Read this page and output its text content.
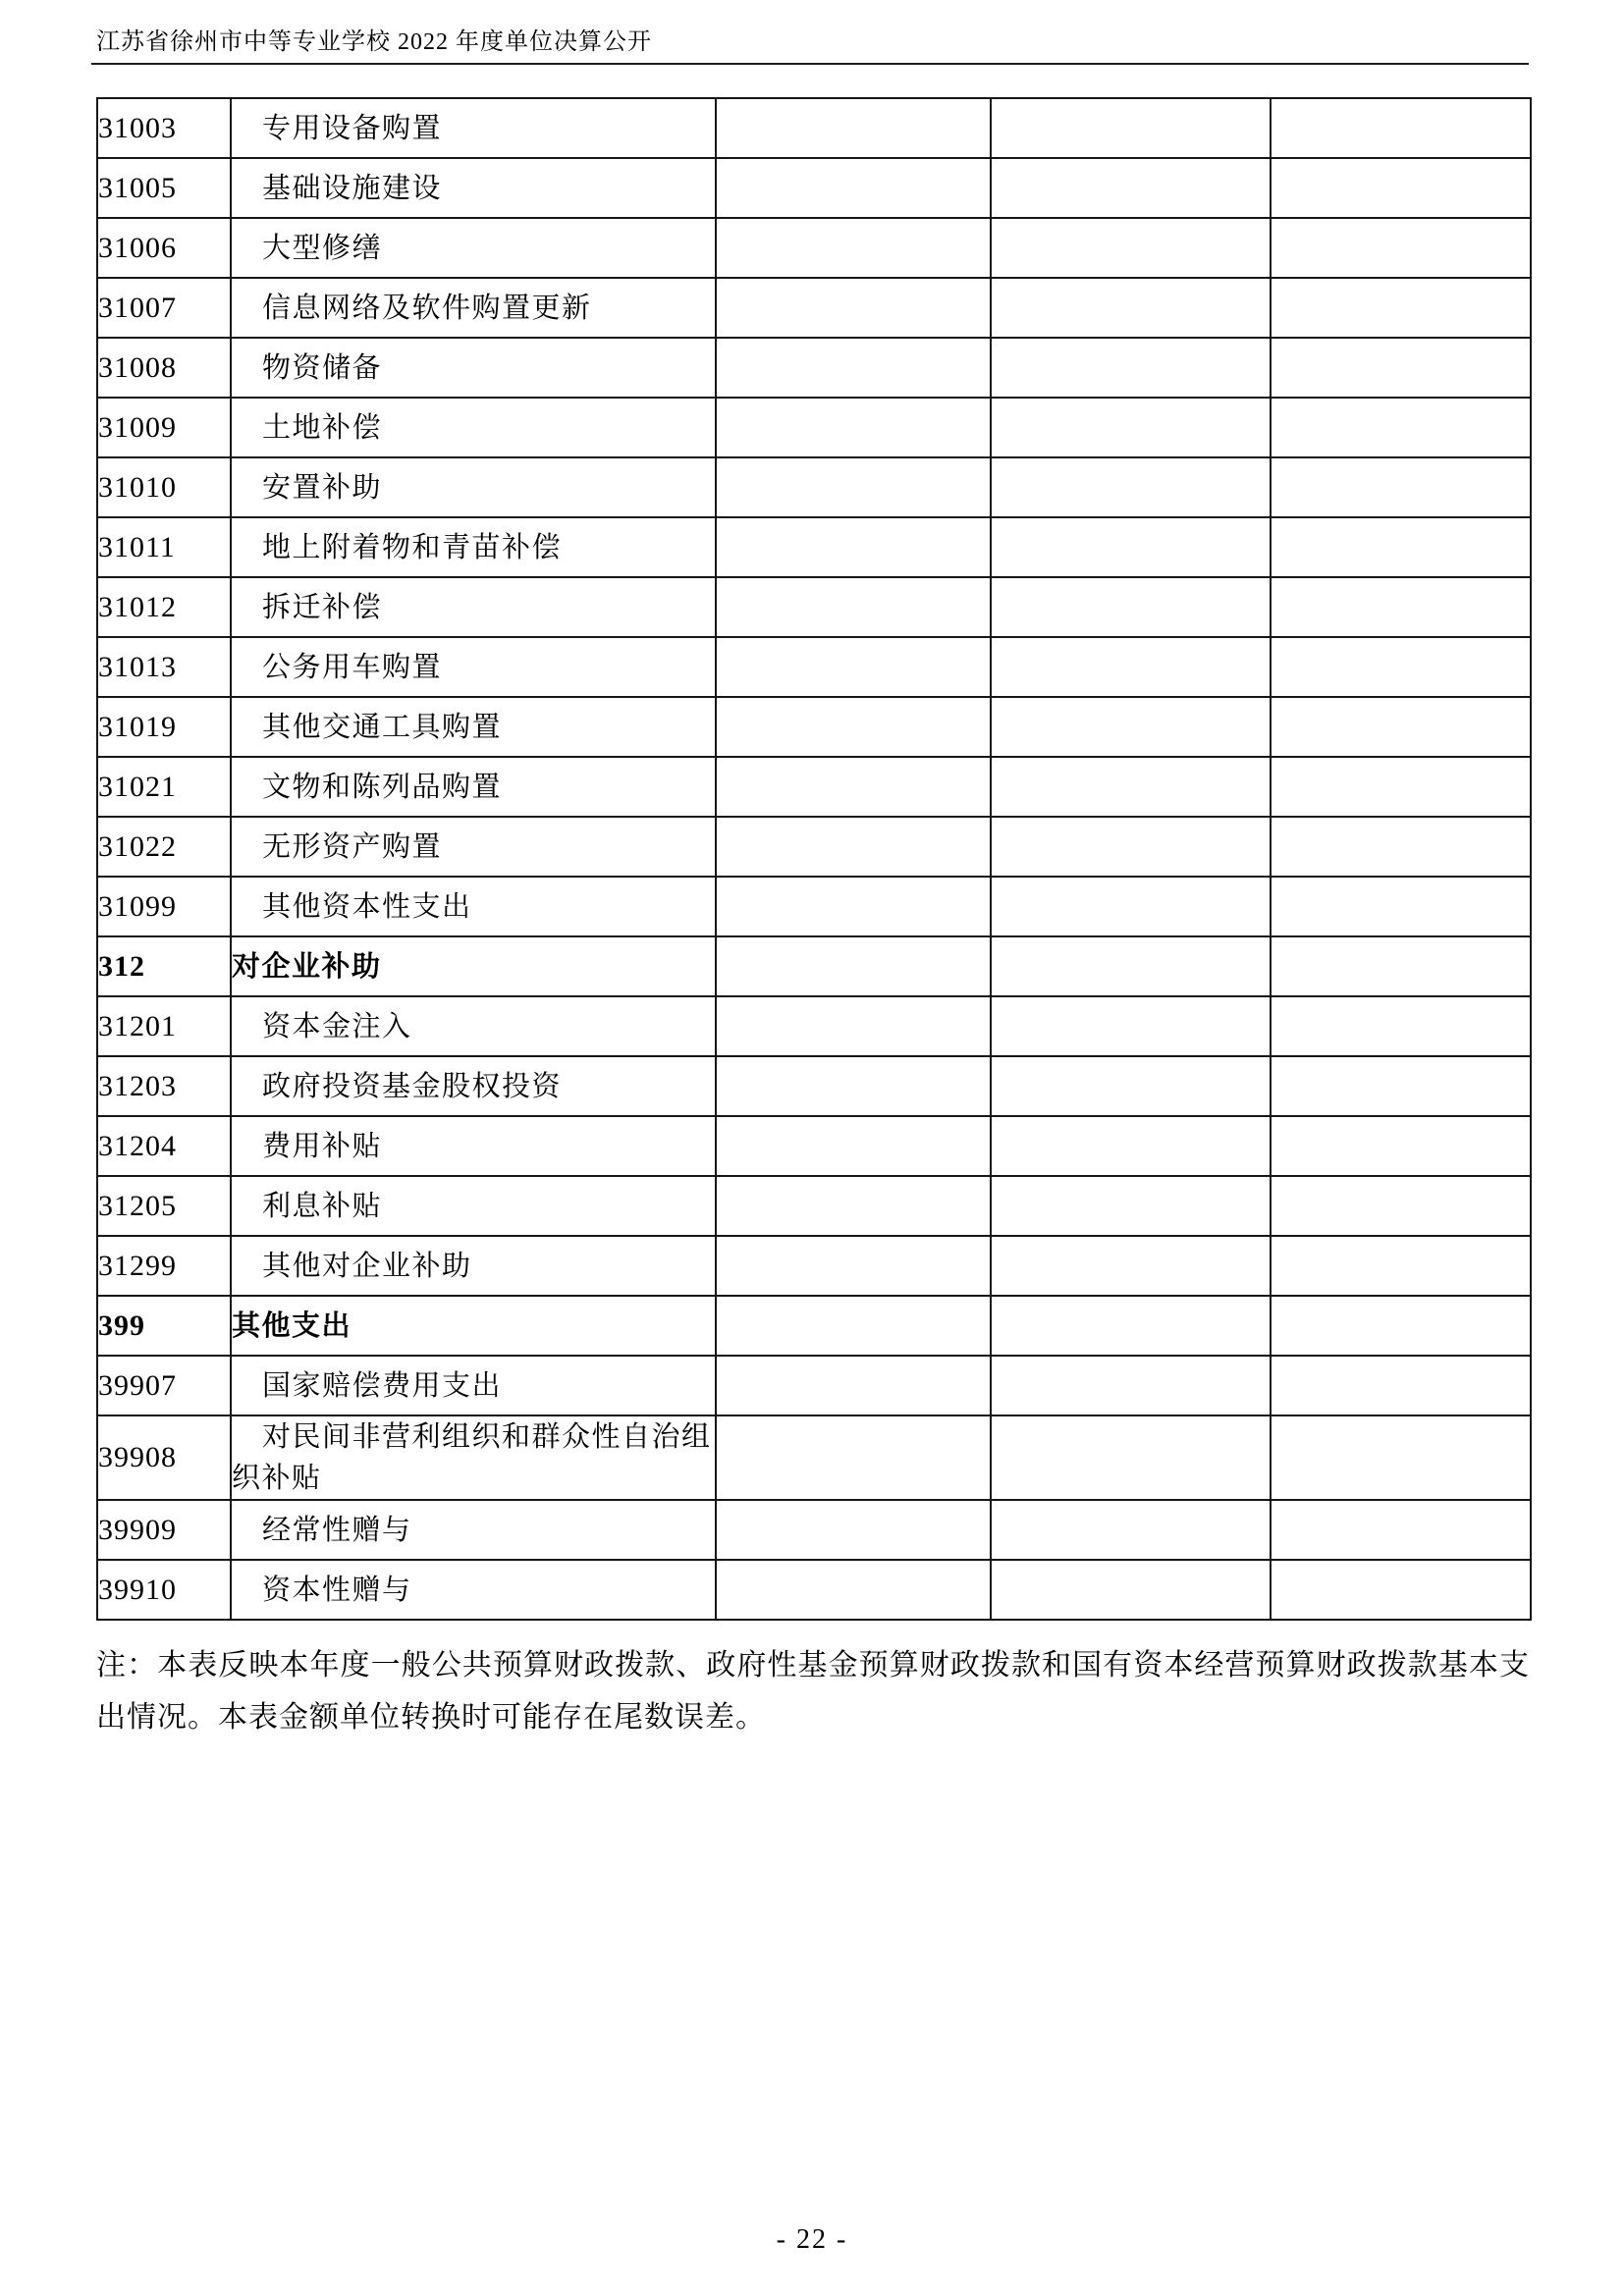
江苏省徐州市中等专业学校 2022 年度单位决算公开
31003	专用设备购置			
31005	基础设施建设			
31006	大型修缮			
31007	信息网络及软件购置更新			
31008	物资储备			
31009	土地补偿			
31010	安置补助			
31011	地上附着物和青苗补偿			
31012	拆迁补偿			
31013	公务用车购置			
31019	其他交通工具购置			
31021	文物和陈列品购置			
31022	无形资产购置			
31099	其他资本性支出			
312	对企业补助			
31201	资本金注入			
31203	政府投资基金股权投资			
31204	费用补贴			
31205	利息补贴			
31299	其他对企业补助			
399	其他支出			
39907	国家赔偿费用支出			
39908	对民间非营利组织和群众性自治组织补贴			
39909	经常性赠与			
39910	资本性赠与			
注：本表反映本年度一般公共预算财政拨款、政府性基金预算财政拨款和国有资本经营预算财政拨款基本支出情况。本表金额单位转换时可能存在尾数误差。
- 22 -
